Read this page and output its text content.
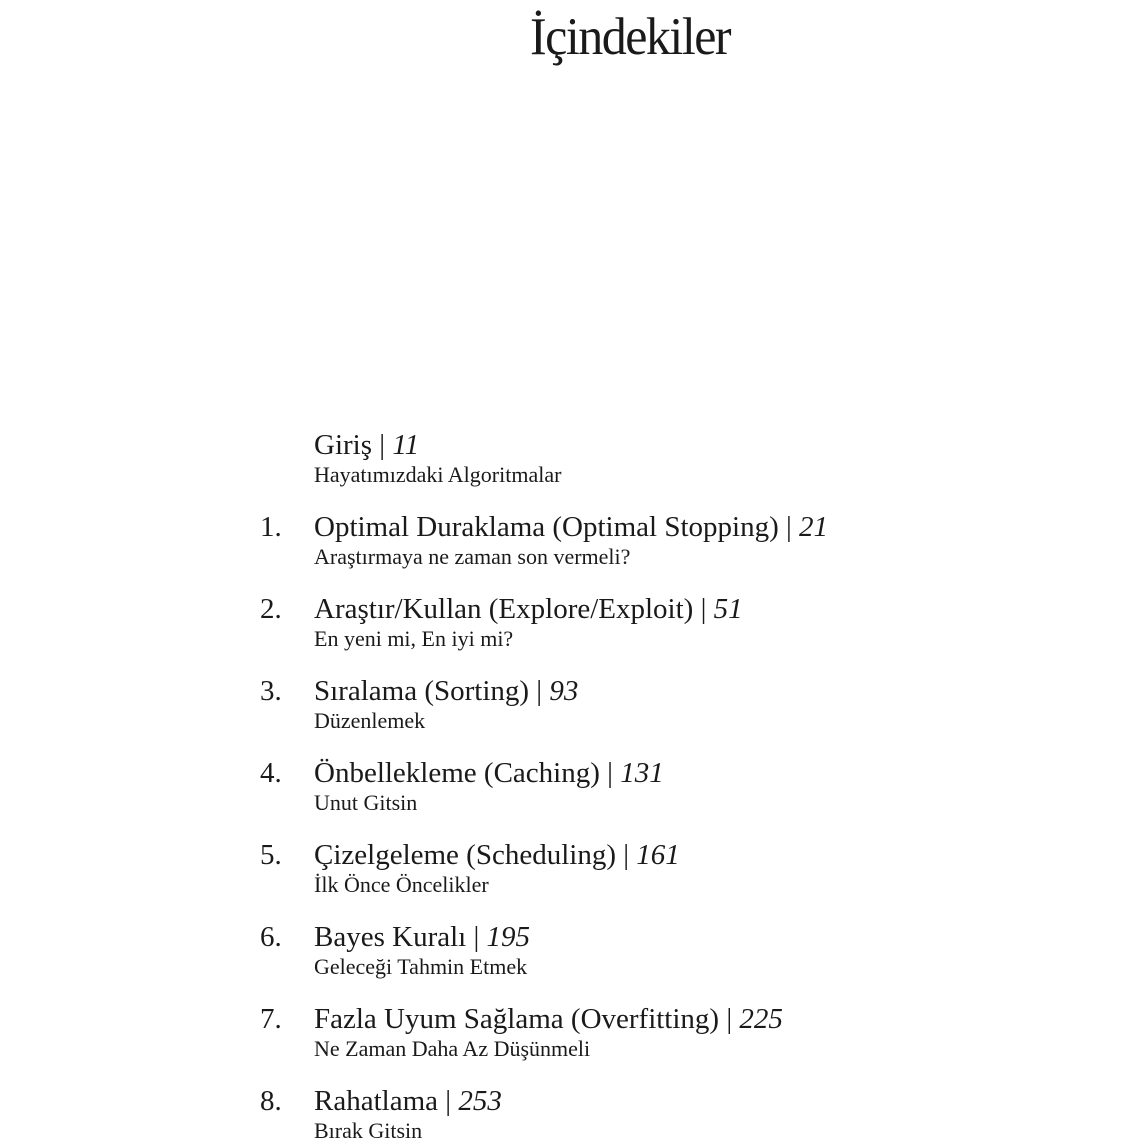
İçindekiler
Giriş | 11
Hayatımızdaki Algoritmalar
1. Optimal Duraklama (Optimal Stopping) | 21
Araştırmaya ne zaman son vermeli?
2. Araştır/Kullan (Explore/Exploit) | 51
En yeni mi, En iyi mi?
3. Sıralama (Sorting) | 93
Düzenlemek
4. Önbellekleme (Caching) | 131
Unut Gitsin
5. Çizelgeleme (Scheduling) | 161
İlk Önce Öncelikler
6. Bayes Kuralı | 195
Geleceği Tahmin Etmek
7. Fazla Uyum Sağlama (Overfitting) | 225
Ne Zaman Daha Az Düşünmeli
8. Rahatlama | 253
Bırak Gitsin
